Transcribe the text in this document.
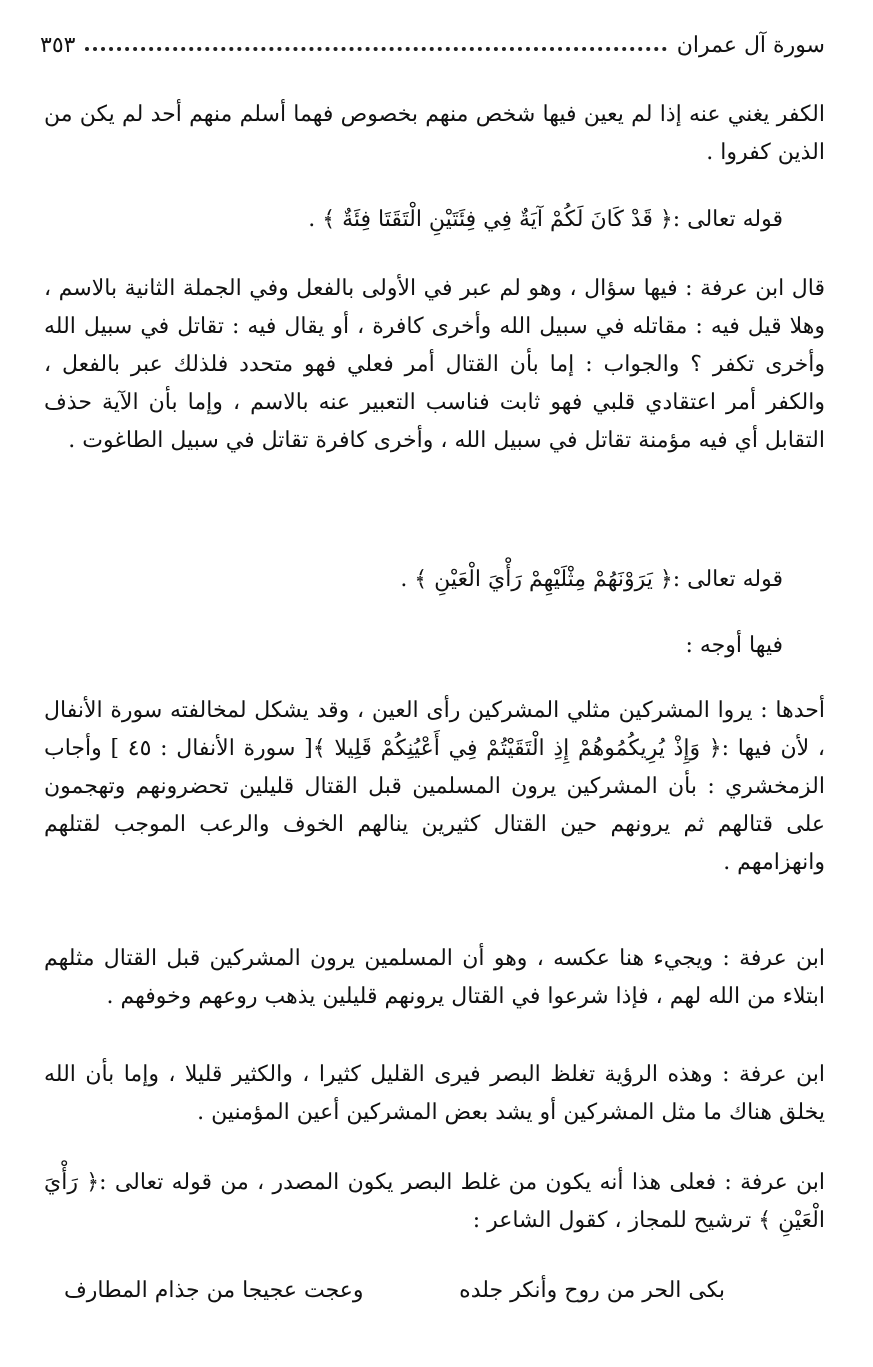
سورة آل عمران
٣٥٣

الكفر يغني عنه إذا لم يعين فيها شخص منهم بخصوص فهما أسلم منهم أحد لم يكن من الذين كفروا .

قوله تعالى :﴿ قَدْ كَانَ لَكُمْ آيَةٌ فِي فِئَتَيْنِ الْتَقَتَا فِئَةٌ ﴾ .

قال ابن عرفة : فيها سؤال ، وهو لم عبر في الأولى بالفعل وفي الجملة الثانية بالاسم ، وهلا قيل فيه : مقاتله في سبيل الله وأخرى كافرة ، أو يقال فيه : تقاتل في سبيل الله وأخرى تكفر ؟ والجواب : إما بأن القتال أمر فعلي فهو متحدد فلذلك عبر بالفعل ، والكفر أمر اعتقادي قلبي فهو ثابت فناسب التعبير عنه بالاسم ، وإما بأن الآية حذف التقابل أي فيه مؤمنة تقاتل في سبيل الله ، وأخرى كافرة تقاتل في سبيل الطاغوت .

قوله تعالى :﴿ يَرَوْنَهُمْ مِثْلَيْهِمْ رَأْيَ الْعَيْنِ ﴾ .
فيها أوجه :

أحدها : يروا المشركين مثلي المشركين رأى العين ، وقد يشكل لمخالفته سورة الأنفال ، لأن فيها :﴿ وَإِذْ يُرِيكُمُوهُمْ إِذِ الْتَقَيْتُمْ فِي أَعْيُنِكُمْ قَلِيلا ﴾[ سورة الأنفال : ٤٥ ] وأجاب الزمخشري : بأن المشركين يرون المسلمين قبل القتال قليلين تحضرونهم وتهجمون على قتالهم ثم يرونهم حين القتال كثيرين ينالهم الخوف والرعب الموجب لقتلهم وانهزامهم .

ابن عرفة : ويجيء هنا عكسه ، وهو أن المسلمين يرون المشركين قبل القتال مثلهم ابتلاء من الله لهم ، فإذا شرعوا في القتال يرونهم قليلين يذهب روعهم وخوفهم .

ابن عرفة : وهذه الرؤية تغلظ البصر فيرى القليل كثيرا ، والكثير قليلا ، وإما بأن الله يخلق هناك ما مثل المشركين أو يشد بعض المشركين أعين المؤمنين .

ابن عرفة : فعلى هذا أنه يكون من غلط البصر يكون المصدر ، من قوله تعالى :﴿ رَأْيَ الْعَيْنِ ﴾ ترشيح للمجاز ، كقول الشاعر :

بكى الحر من روح وأنكر جلده
وعجت عجيجا من جذام المطارف
